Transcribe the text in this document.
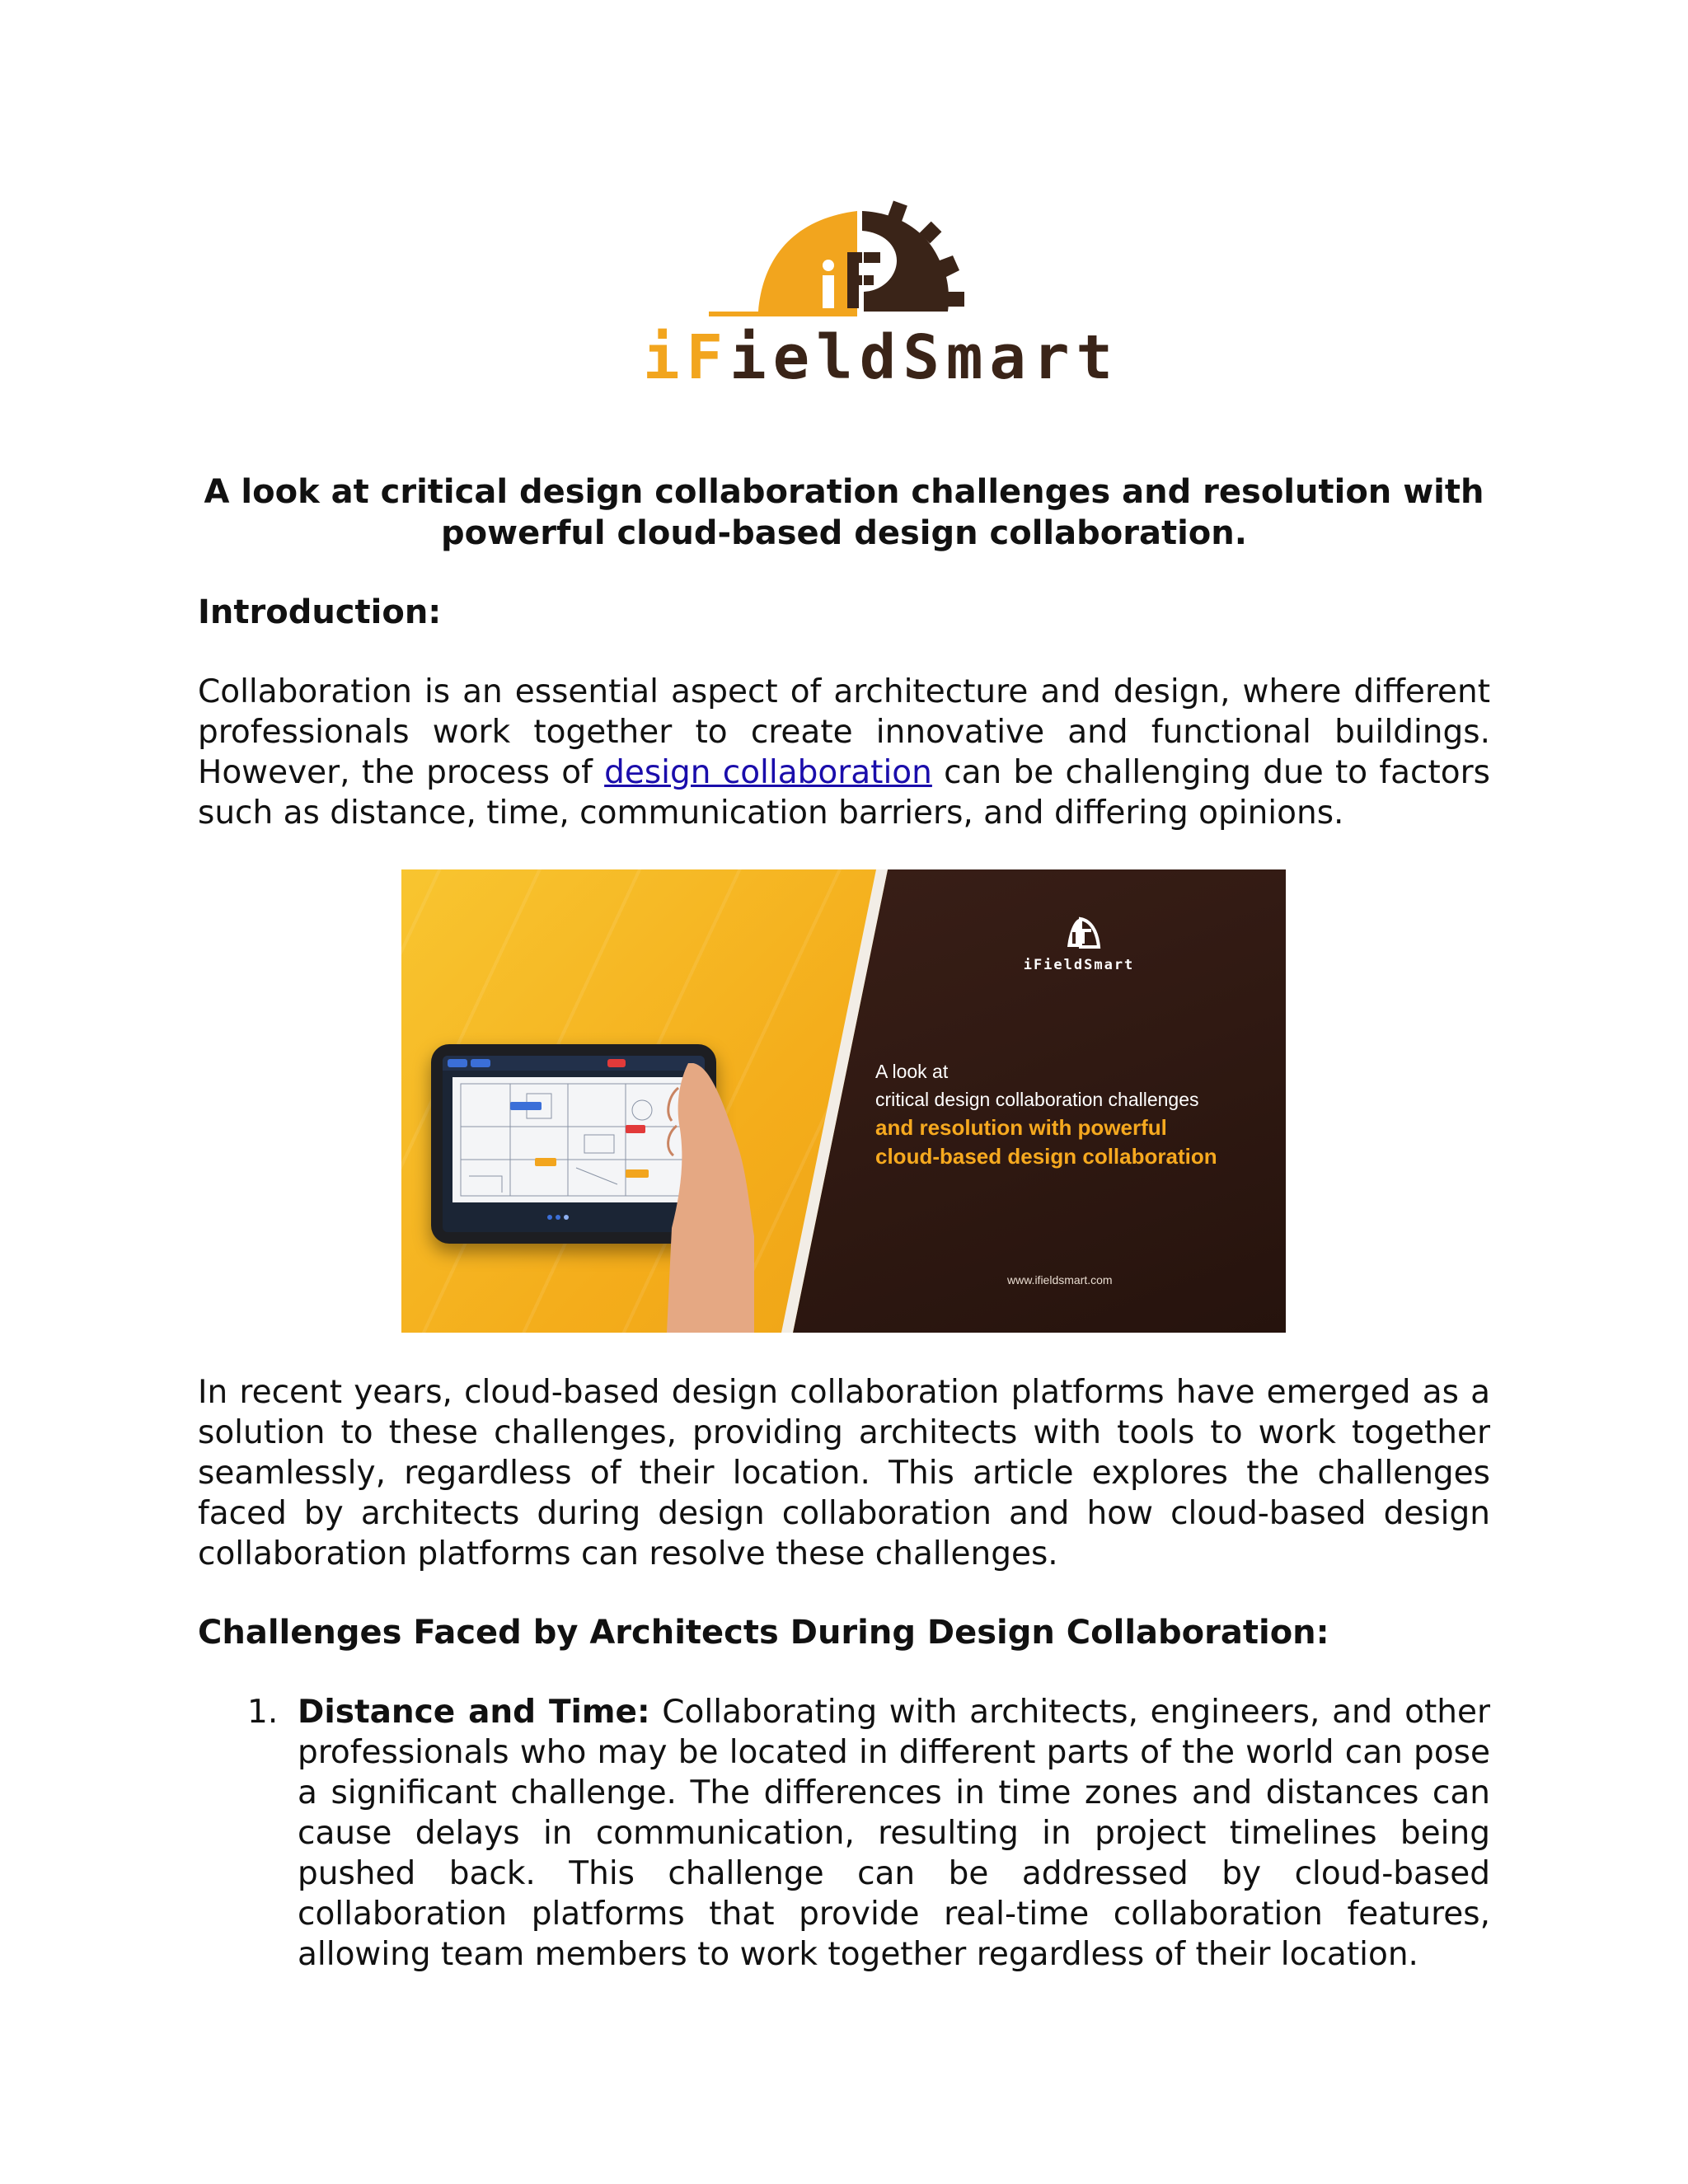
iFieldSmart
A look at critical design collaboration challenges and resolution with powerful cloud-based design collaboration.
Introduction:
Collaboration is an essential aspect of architecture and design, where different professionals work together to create innovative and functional buildings. However, the process of design collaboration can be challenging due to factors such as distance, time, communication barriers, and differing opinions.
iFieldSmart
A look at
critical design collaboration challenges
and resolution with powerful
cloud-based design collaboration
www.ifieldsmart.com
In recent years, cloud-based design collaboration platforms have emerged as a solution to these challenges, providing architects with tools to work together seamlessly, regardless of their location. This article explores the challenges faced by architects during design collaboration and how cloud-based design collaboration platforms can resolve these challenges.
Challenges Faced by Architects During Design Collaboration:
1. Distance and Time: Collaborating with architects, engineers, and other professionals who may be located in different parts of the world can pose a significant challenge. The differences in time zones and distances can cause delays in communication, resulting in project timelines being pushed back. This challenge can be addressed by cloud-based collaboration platforms that provide real-time collaboration features, allowing team members to work together regardless of their location.
